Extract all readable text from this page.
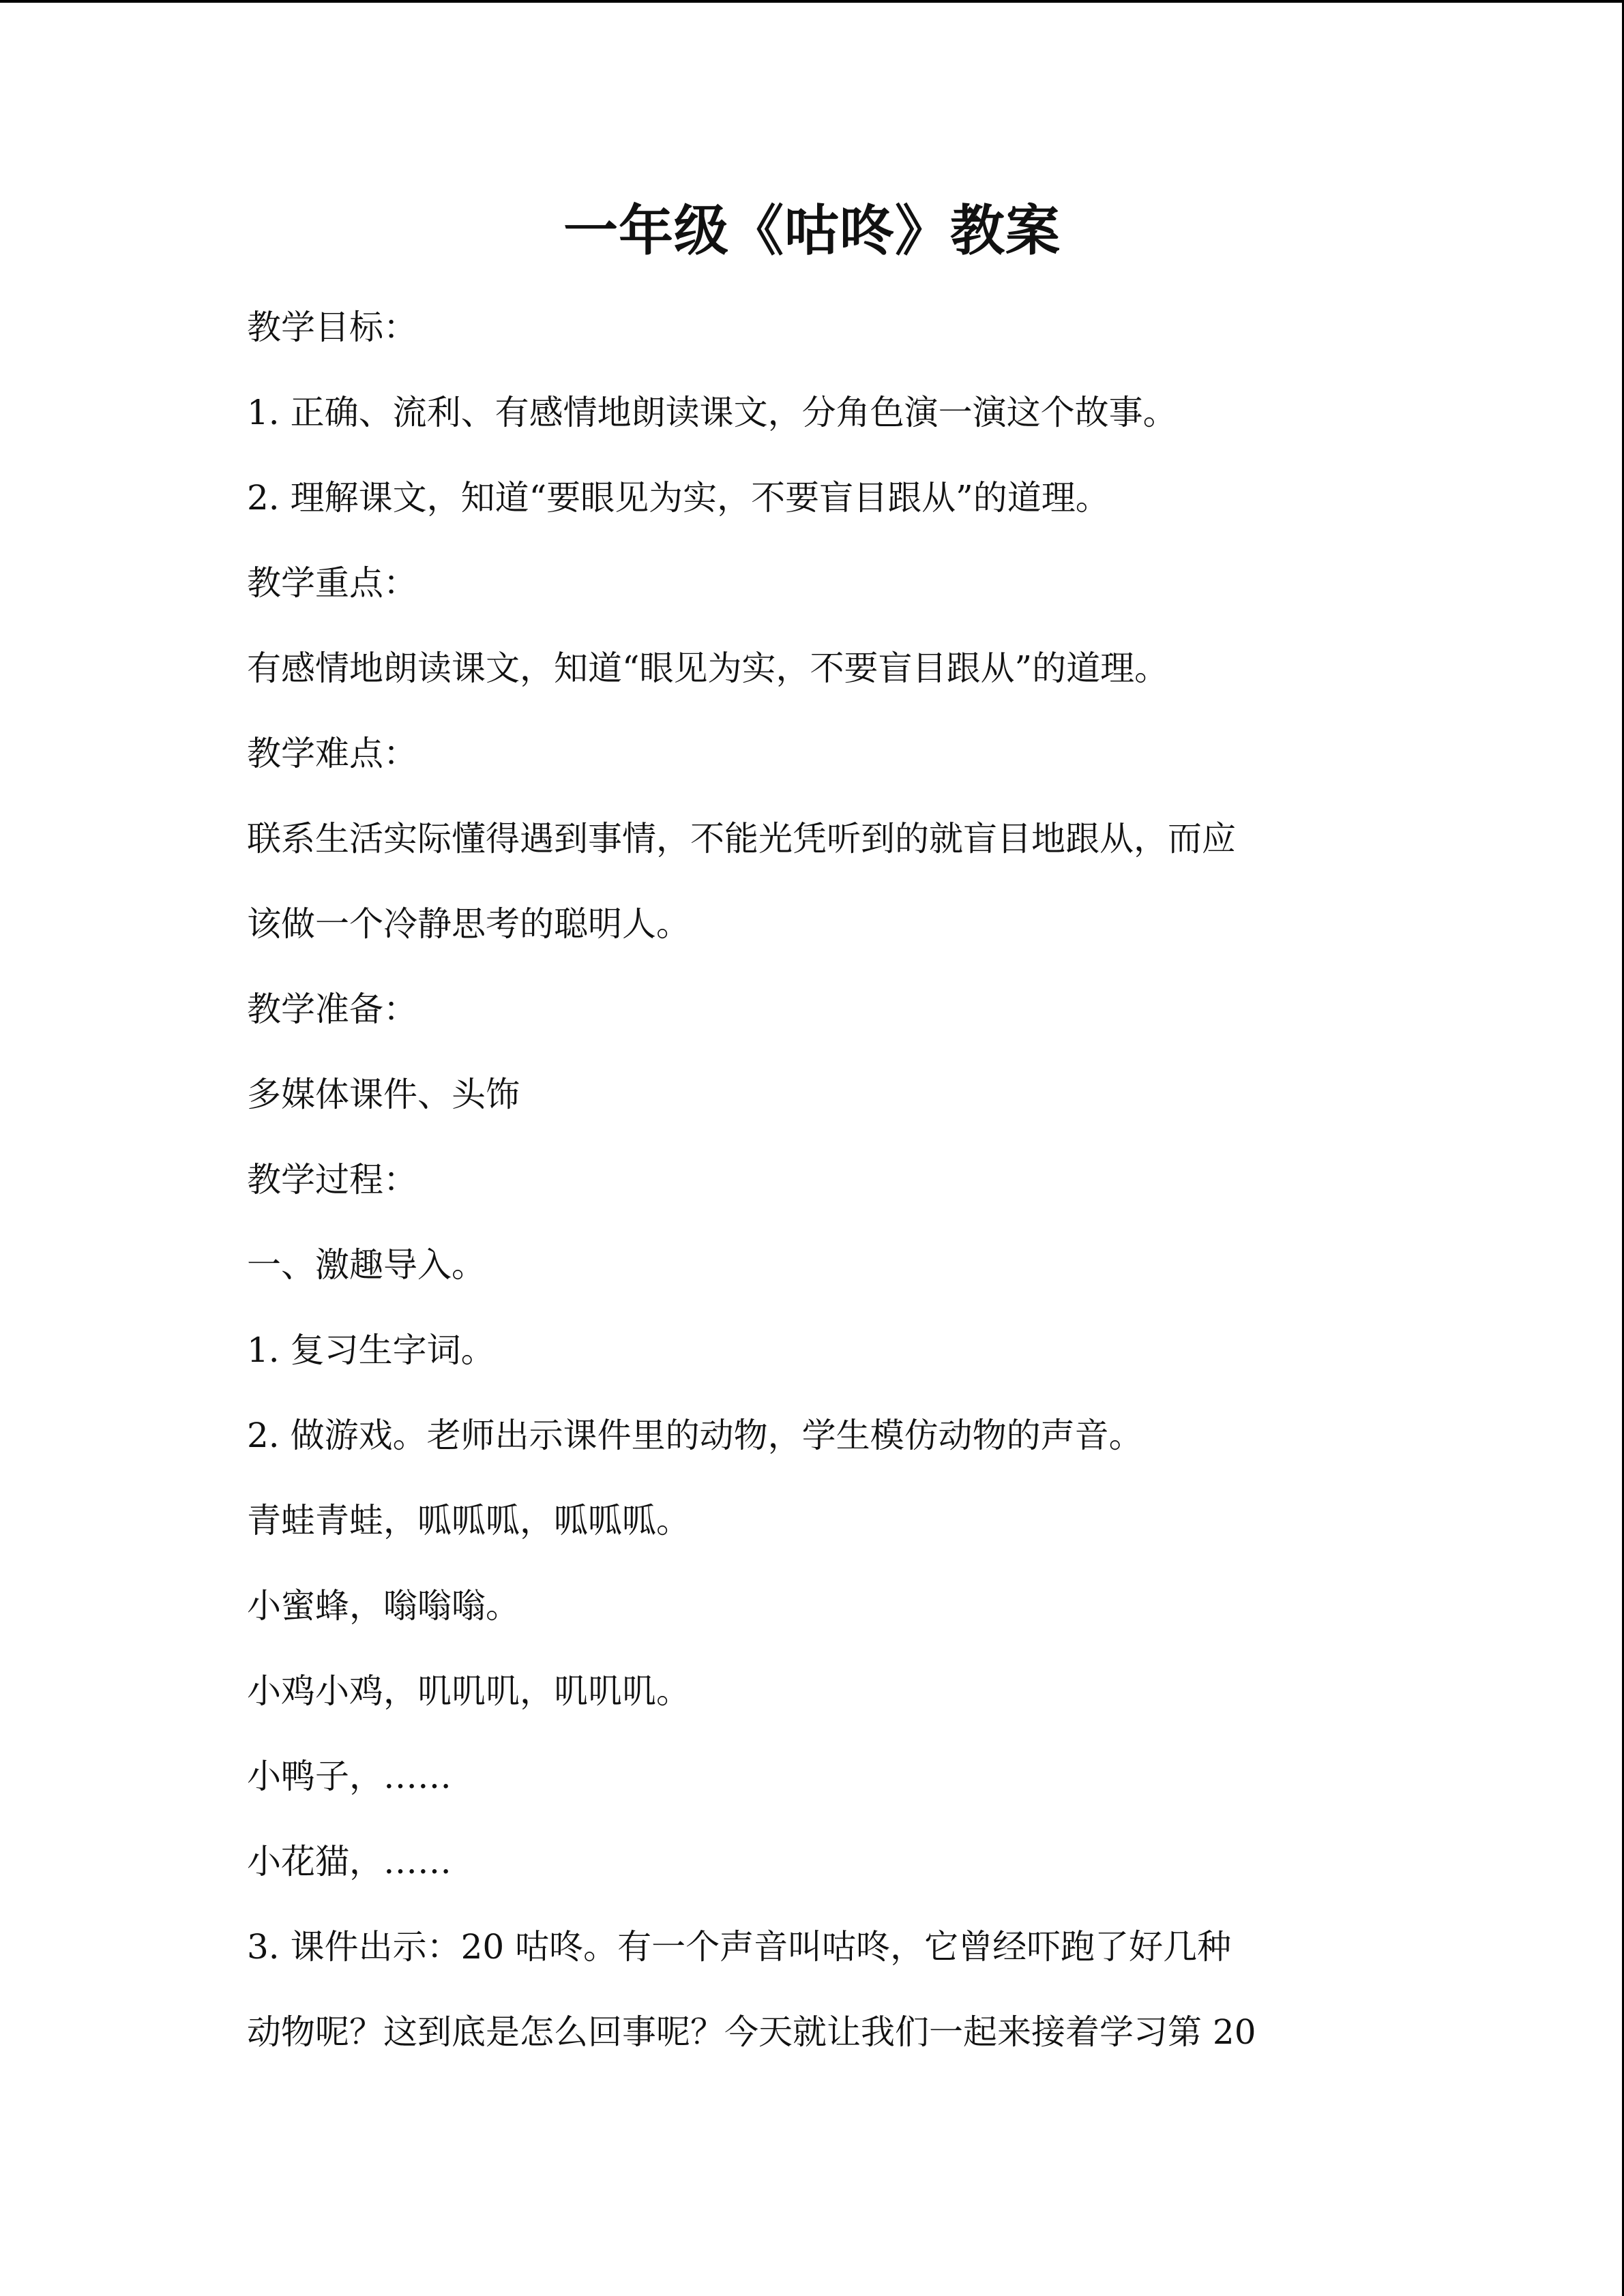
一年级《咕咚》教案

教学目标：

1. 正确、流利、有感情地朗读课文，分角色演一演这个故事。

2. 理解课文，知道“要眼见为实，不要盲目跟从”的道理。

教学重点：

有感情地朗读课文，知道“眼见为实，不要盲目跟从”的道理。

教学难点：

联系生活实际懂得遇到事情，不能光凭听到的就盲目地跟从，而应

该做一个冷静思考的聪明人。

教学准备：

多媒体课件、头饰

教学过程：

一、激趣导入。

1. 复习生字词。

2. 做游戏。老师出示课件里的动物，学生模仿动物的声音。

青蛙青蛙，呱呱呱，呱呱呱。

小蜜蜂，嗡嗡嗡。

小鸡小鸡，叽叽叽，叽叽叽。

小鸭子，……

小花猫，……

3. 课件出示：20 咕咚。有一个声音叫咕咚，它曾经吓跑了好几种

动物呢？这到底是怎么回事呢？今天就让我们一起来接着学习第 20
